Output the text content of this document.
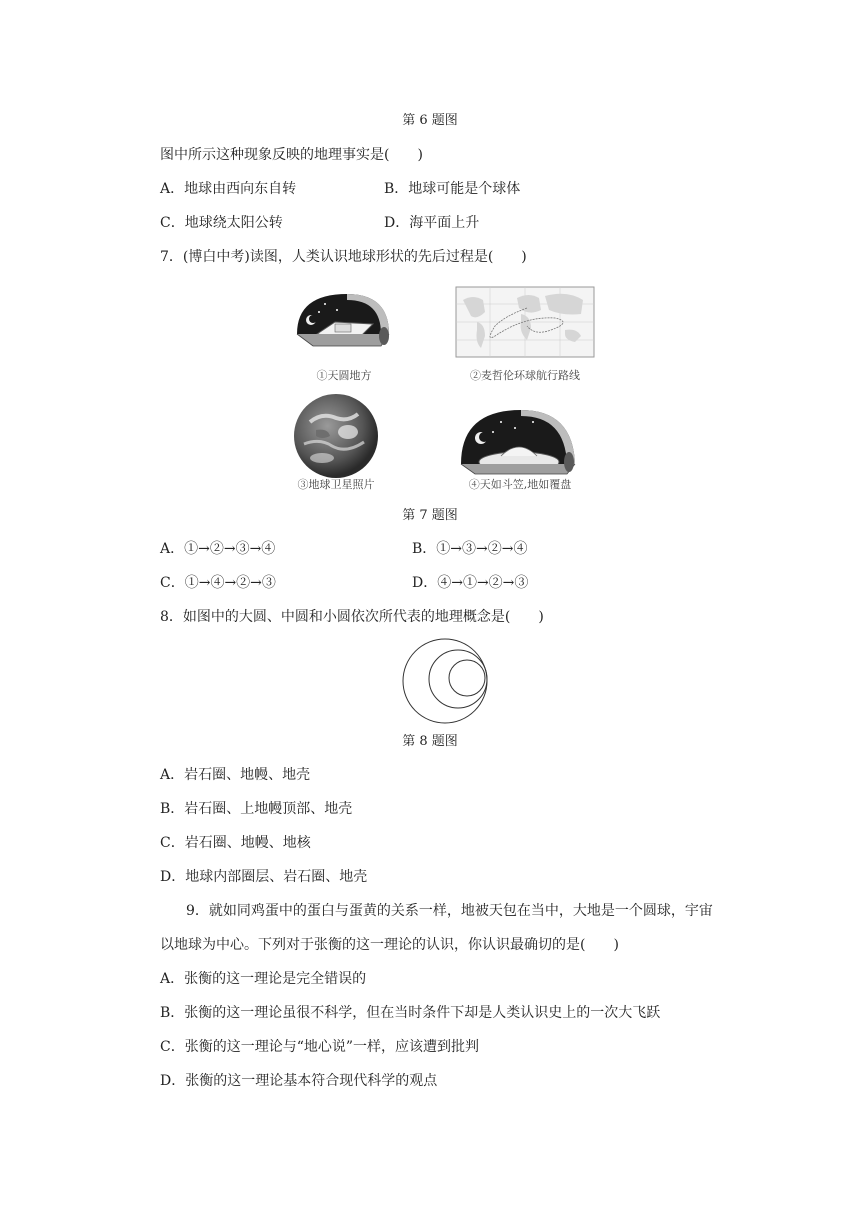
第 6 题图
图中所示这种现象反映的地理事实是(　　)
A．地球由西向东自转	B．地球可能是个球体
C．地球绕太阳公转	D．海平面上升
7．(博白中考)读图，人类认识地球形状的先后过程是(　　)
①天圆地方	②麦哲伦环球航行路线
③地球卫星照片	④天如斗笠,地如覆盘
第 7 题图
A．①→②→③→④	B．①→③→②→④
C．①→④→②→③	D．④→①→②→③
8．如图中的大圆、中圆和小圆依次所代表的地理概念是(　　)
第 8 题图
A．岩石圈、地幔、地壳
B．岩石圈、上地幔顶部、地壳
C．岩石圈、地幔、地核
D．地球内部圈层、岩石圈、地壳
9．就如同鸡蛋中的蛋白与蛋黄的关系一样，地被天包在当中，大地是一个圆球，宇宙
以地球为中心。下列对于张衡的这一理论的认识，你认识最确切的是(　　)
A．张衡的这一理论是完全错误的
B．张衡的这一理论虽很不科学，但在当时条件下却是人类认识史上的一次大飞跃
C．张衡的这一理论与“地心说”一样，应该遭到批判
D．张衡的这一理论基本符合现代科学的观点
